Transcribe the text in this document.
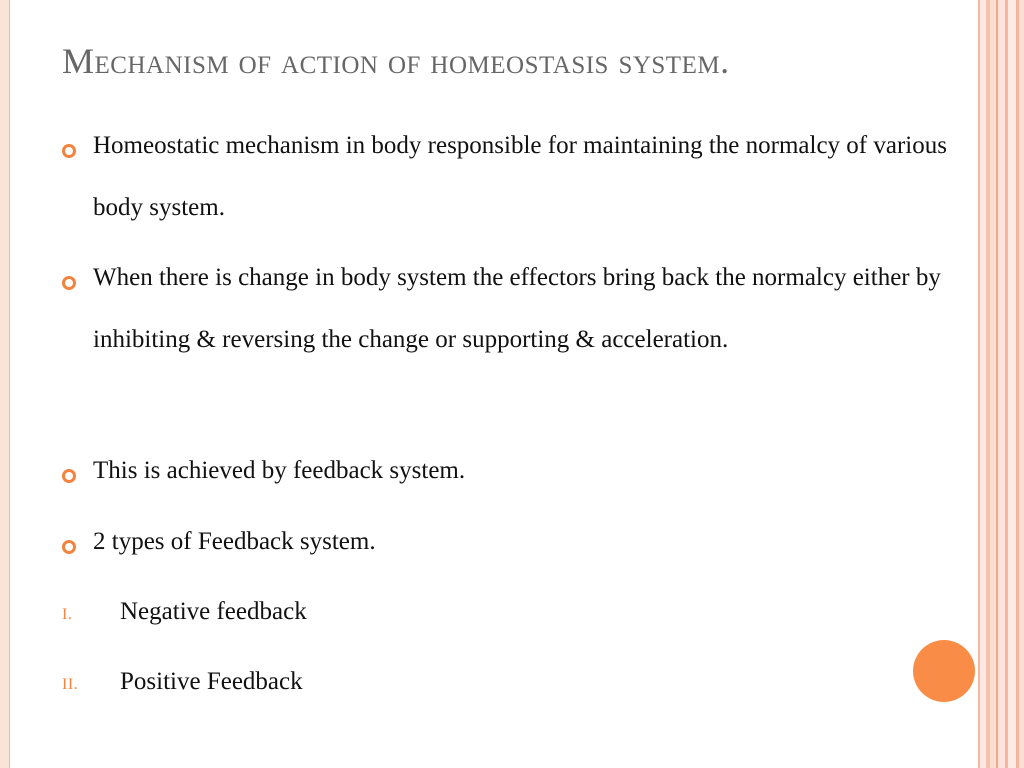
Mechanism of action of homeostasis system.
Homeostatic mechanism in body responsible for maintaining the normalcy of various body system.
When there is change in body system the effectors bring back the normalcy either by inhibiting & reversing the change or supporting & acceleration.
This is achieved by feedback system.
2 types of Feedback system.
I. Negative feedback
II. Positive Feedback
